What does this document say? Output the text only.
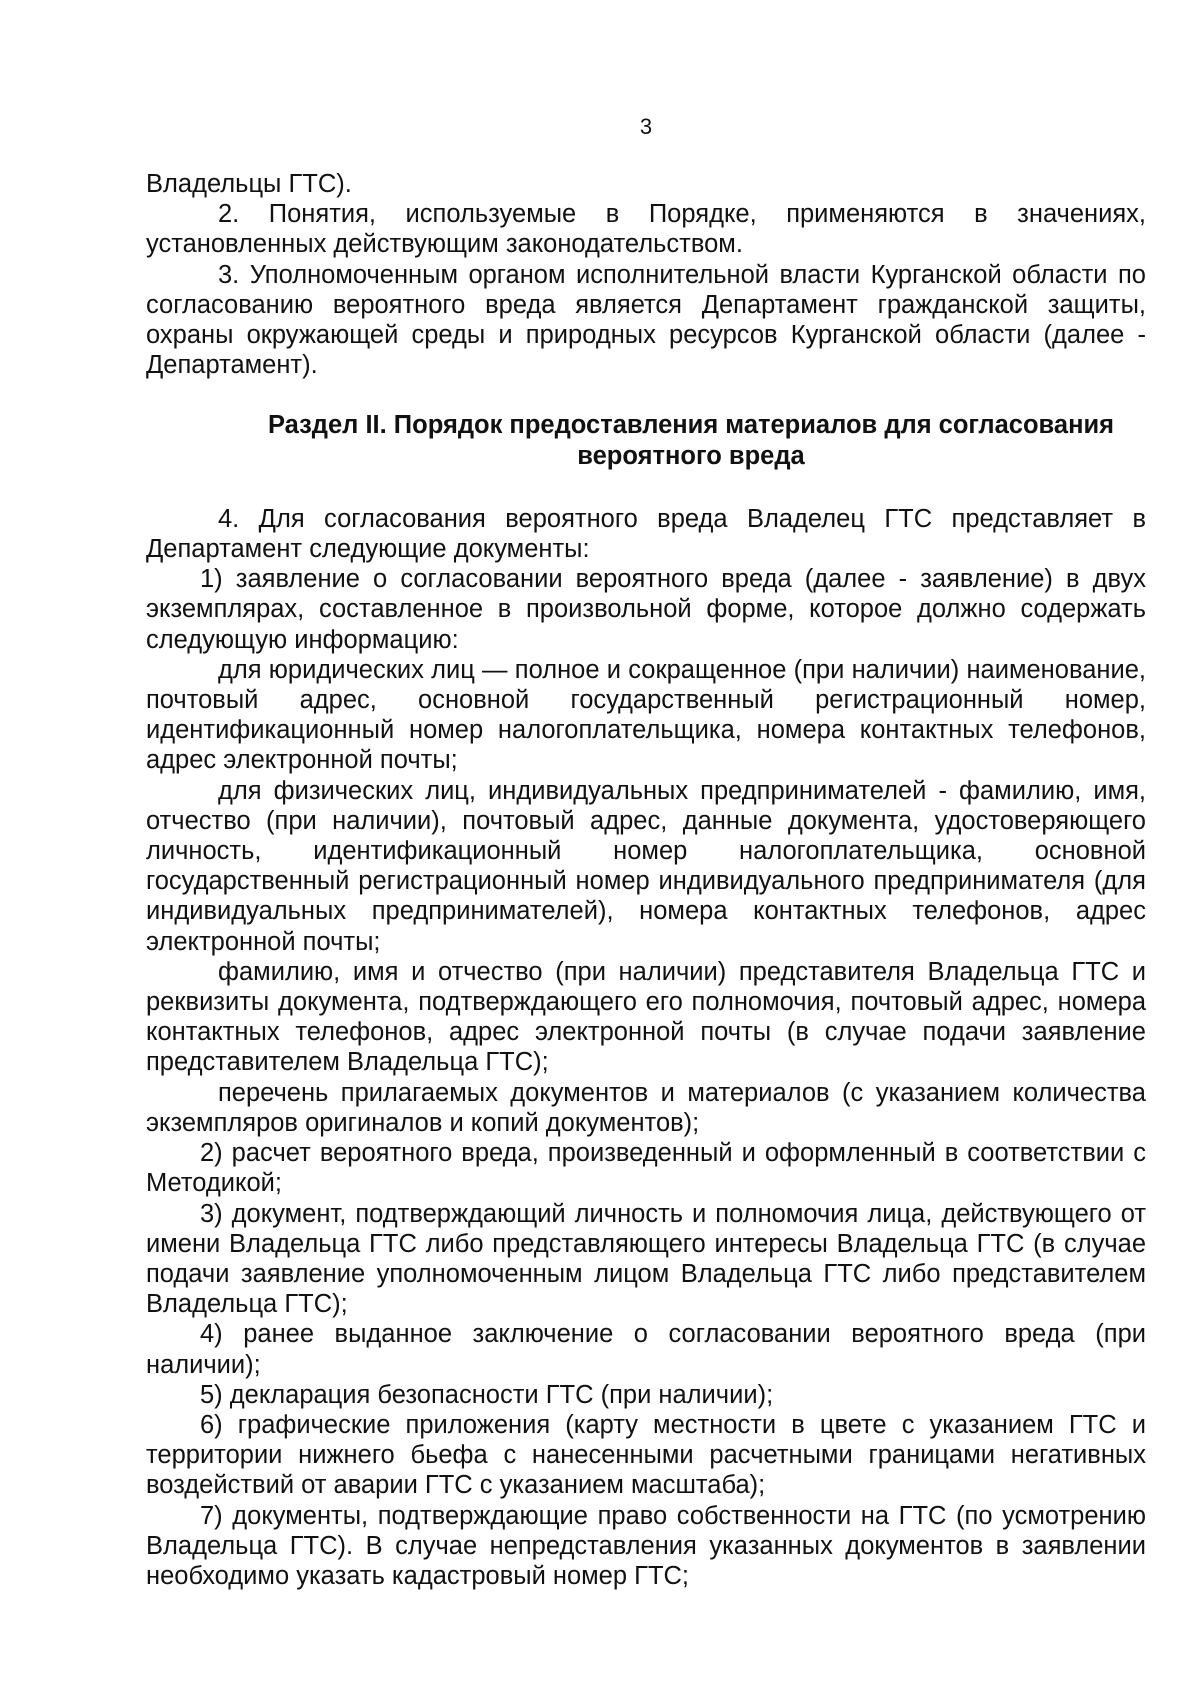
3

Владельцы ГТС).

2. Понятия, используемые в Порядке, применяются в значениях, установленных действующим законодательством.

3. Уполномоченным органом исполнительной власти Курганской области по согласованию вероятного вреда является Департамент гражданской защиты, охраны окружающей среды и природных ресурсов Курганской области (далее - Департамент).

Раздел II. Порядок предоставления материалов для согласования вероятного вреда

4. Для согласования вероятного вреда Владелец ГТС представляет в Департамент следующие документы:

1) заявление о согласовании вероятного вреда (далее - заявление) в двух экземплярах, составленное в произвольной форме, которое должно содержать следующую информацию:

для юридических лиц — полное и сокращенное (при наличии) наименование, почтовый адрес, основной государственный регистрационный номер, идентификационный номер налогоплательщика, номера контактных телефонов, адрес электронной почты;

для физических лиц, индивидуальных предпринимателей - фамилию, имя, отчество (при наличии), почтовый адрес, данные документа, удостоверяющего личность, идентификационный номер налогоплательщика, основной государственный регистрационный номер индивидуального предпринимателя (для индивидуальных предпринимателей), номера контактных телефонов, адрес электронной почты;

фамилию, имя и отчество (при наличии) представителя Владельца ГТС и реквизиты документа, подтверждающего его полномочия, почтовый адрес, номера контактных телефонов, адрес электронной почты (в случае подачи заявление представителем Владельца ГТС);

перечень прилагаемых документов и материалов (с указанием количества экземпляров оригиналов и копий документов);

2) расчет вероятного вреда, произведенный и оформленный в соответствии с Методикой;

3) документ, подтверждающий личность и полномочия лица, действующего от имени Владельца ГТС либо представляющего интересы Владельца ГТС (в случае подачи заявление уполномоченным лицом Владельца ГТС либо представителем Владельца ГТС);

4) ранее выданное заключение о согласовании вероятного вреда (при наличии);

5) декларация безопасности ГТС (при наличии);

6) графические приложения (карту местности в цвете с указанием ГТС и территории нижнего бьефа с нанесенными расчетными границами негативных воздействий от аварии ГТС с указанием масштаба);

7) документы, подтверждающие право собственности на ГТС (по усмотрению Владельца ГТС). В случае непредставления указанных документов в заявлении необходимо указать кадастровый номер ГТС;
